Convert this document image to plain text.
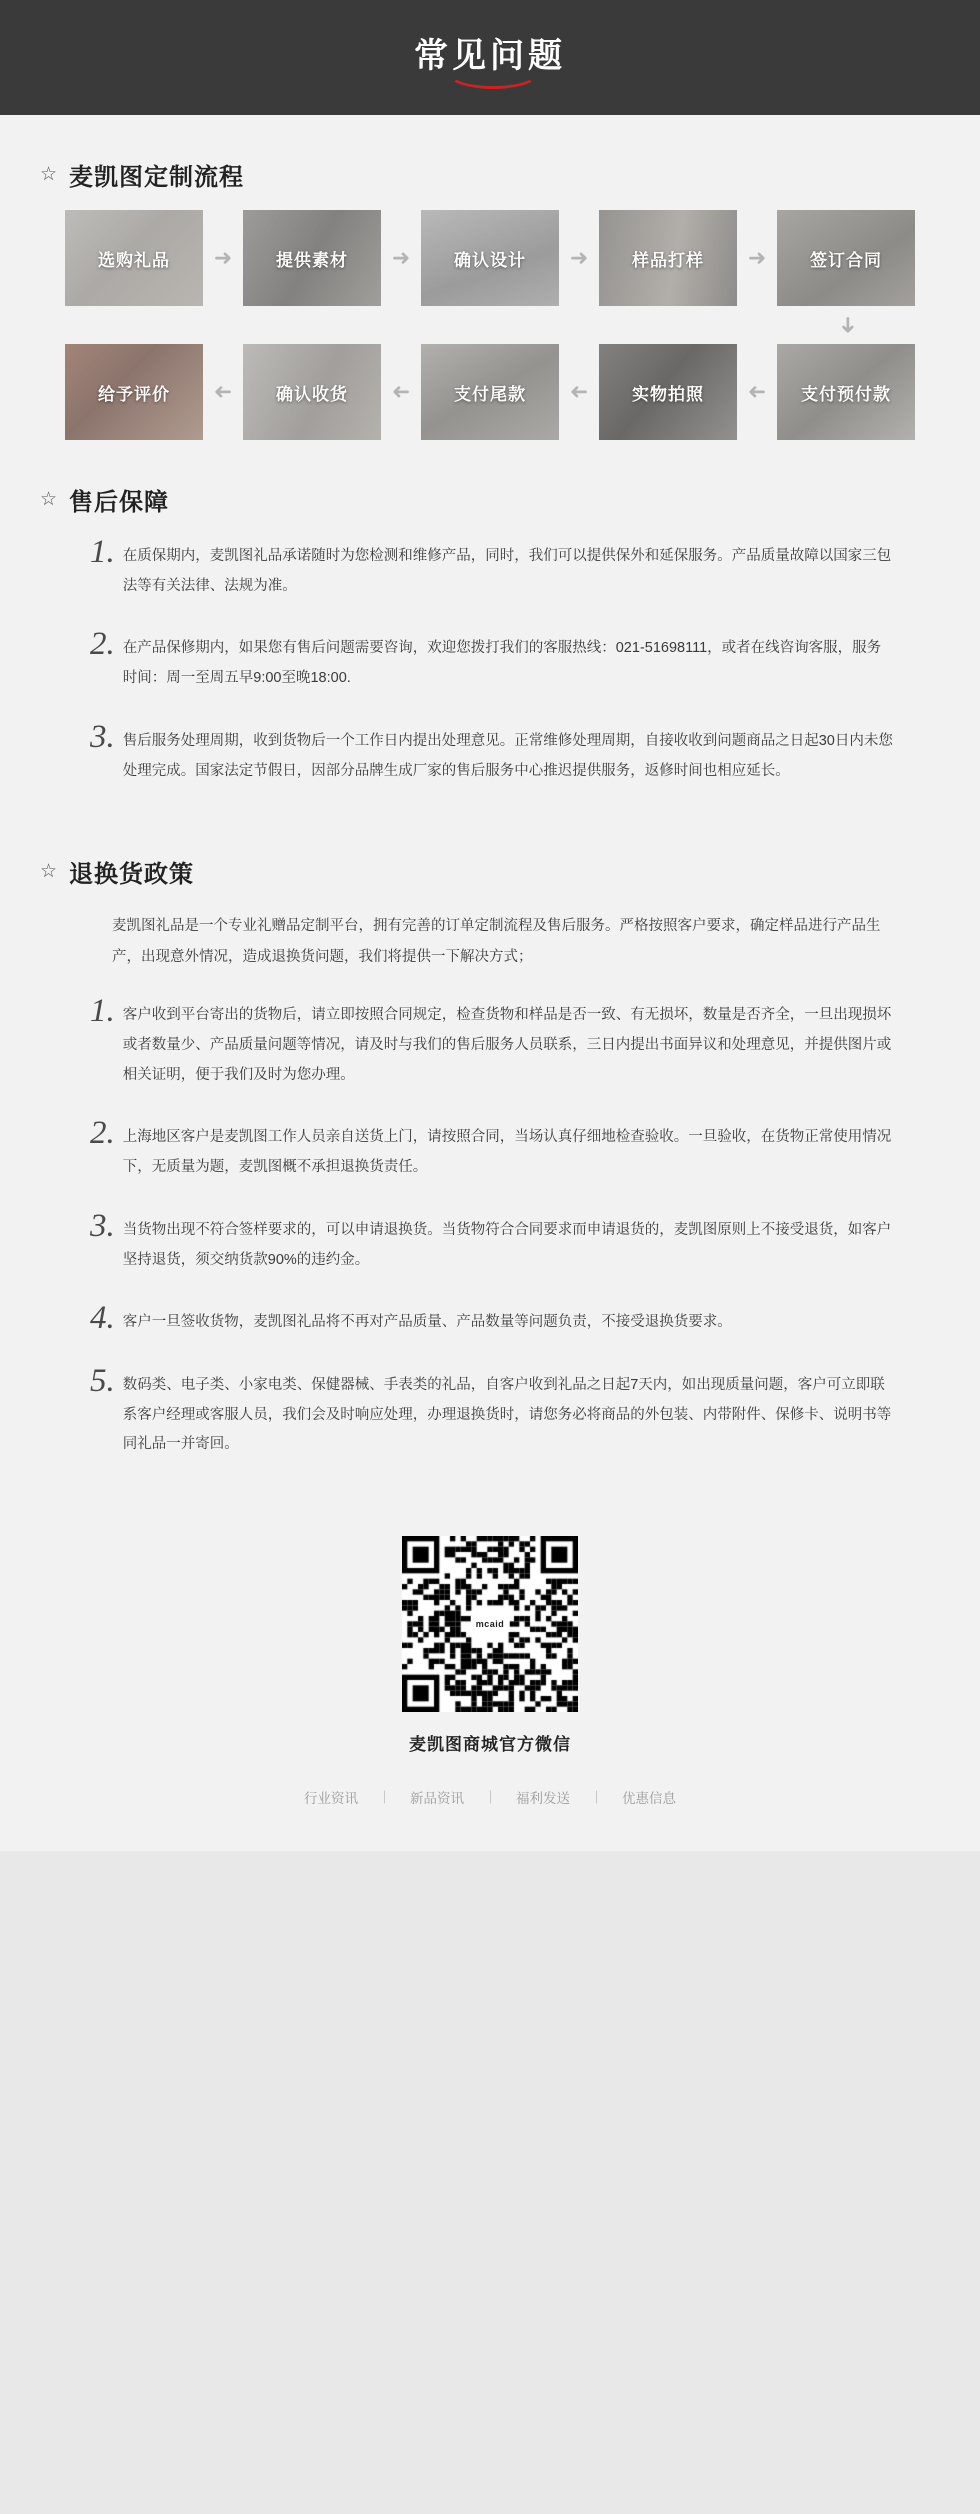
常见问题
☆ 麦凯图定制流程
选购礼品	➜	提供素材	➜	确认设计	➜	样品打样	➜	签订合同
➜
给予评价	➜	确认收货	➜	支付尾款	➜	实物拍照	➜	支付预付款
☆ 售后保障
1. 在质保期内，麦凯图礼品承诺随时为您检测和维修产品，同时，我们可以提供保外和延保服务。产品质量故障以国家三包法等有关法律、法规为准。
2. 在产品保修期内，如果您有售后问题需要咨询，欢迎您拨打我们的客服热线：021-51698111，或者在线咨询客服，服务时间：周一至周五早9:00至晚18:00.
3. 售后服务处理周期，收到货物后一个工作日内提出处理意见。正常维修处理周期，自接收收到问题商品之日起30日内未您处理完成。国家法定节假日，因部分品牌生成厂家的售后服务中心推迟提供服务，返修时间也相应延长。
☆ 退换货政策
麦凯图礼品是一个专业礼赠品定制平台，拥有完善的订单定制流程及售后服务。严格按照客户要求，确定样品进行产品生产，出现意外情况，造成退换货问题，我们将提供一下解决方式；
1. 客户收到平台寄出的货物后，请立即按照合同规定，检查货物和样品是否一致、有无损坏，数量是否齐全，一旦出现损坏或者数量少、产品质量问题等情况，请及时与我们的售后服务人员联系，三日内提出书面异议和处理意见，并提供图片或相关证明，便于我们及时为您办理。
2. 上海地区客户是麦凯图工作人员亲自送货上门，请按照合同，当场认真仔细地检查验收。一旦验收，在货物正常使用情况下，无质量为题，麦凯图概不承担退换货责任。
3. 当货物出现不符合签样要求的，可以申请退换货。当货物符合合同要求而申请退货的，麦凯图原则上不接受退货，如客户坚持退货，须交纳货款90%的违约金。
4. 客户一旦签收货物，麦凯图礼品将不再对产品质量、产品数量等问题负责，不接受退换货要求。
5. 数码类、电子类、小家电类、保健器械、手表类的礼品，自客户收到礼品之日起7天内，如出现质量问题，客户可立即联系客户经理或客服人员，我们会及时响应处理，办理退换货时，请您务必将商品的外包装、内带附件、保修卡、说明书等同礼品一并寄回。
mcaid
麦凯图商城官方微信
行业资讯	新品资讯	福利发送	优惠信息
